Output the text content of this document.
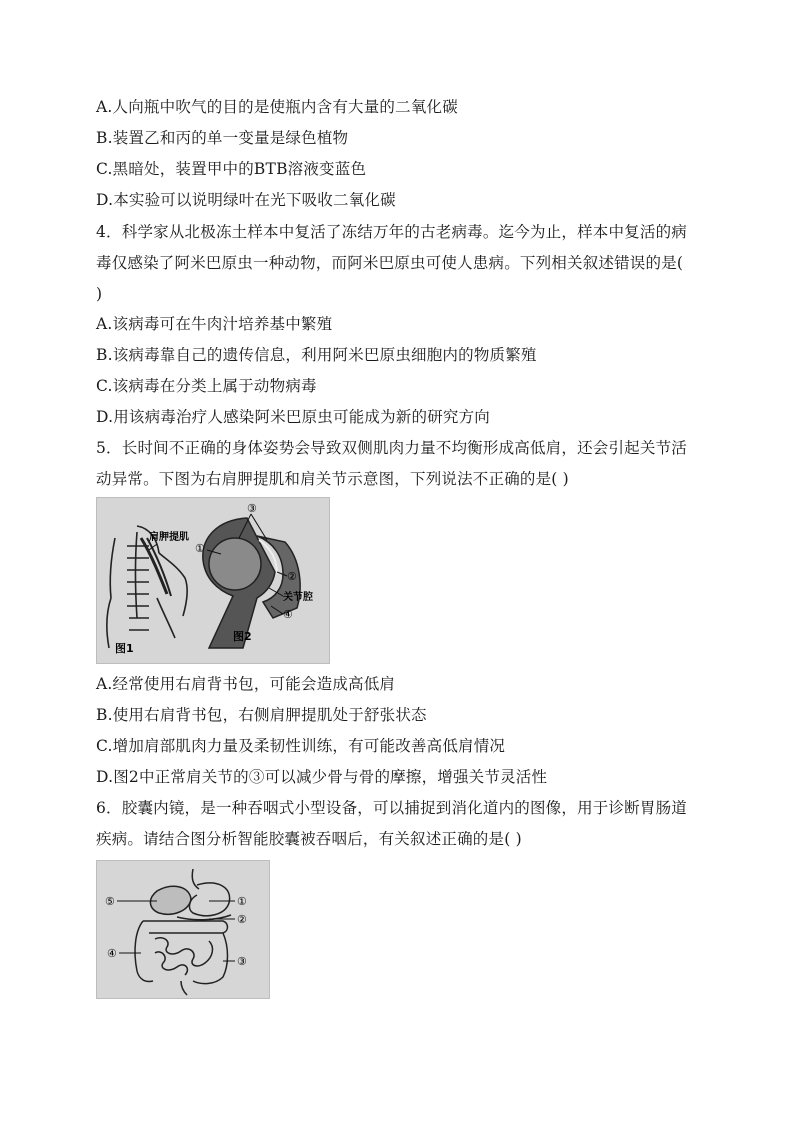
A.人向瓶中吹气的目的是使瓶内含有大量的二氧化碳
B.装置乙和丙的单一变量是绿色植物
C.黑暗处，装置甲中的BTB溶液变蓝色
D.本实验可以说明绿叶在光下吸收二氧化碳
4．科学家从北极冻土样本中复活了冻结万年的古老病毒。迄今为止，样本中复活的病
毒仅感染了阿米巴原虫一种动物，而阿米巴原虫可使人患病。下列相关叙述错误的是(
)
A.该病毒可在牛肉汁培养基中繁殖
B.该病毒靠自己的遗传信息，利用阿米巴原虫细胞内的物质繁殖
C.该病毒在分类上属于动物病毒
D.用该病毒治疗人感染阿米巴原虫可能成为新的研究方向
5．长时间不正确的身体姿势会导致双侧肌肉力量不均衡形成高低肩，还会引起关节活
动异常。下图为右肩胛提肌和肩关节示意图，下列说法不正确的是( )
肩胛提肌
图1
③
①
②
关节腔
④
图2
A.经常使用右肩背书包，可能会造成高低肩
B.使用右肩背书包，右侧肩胛提肌处于舒张状态
C.增加肩部肌肉力量及柔韧性训练，有可能改善高低肩情况
D.图2中正常肩关节的③可以减少骨与骨的摩擦，增强关节灵活性
6．胶囊内镜，是一种吞咽式小型设备，可以捕捉到消化道内的图像，用于诊断胃肠道
疾病。请结合图分析智能胶囊被吞咽后，有关叙述正确的是( )
⑤	①
②
③
④
